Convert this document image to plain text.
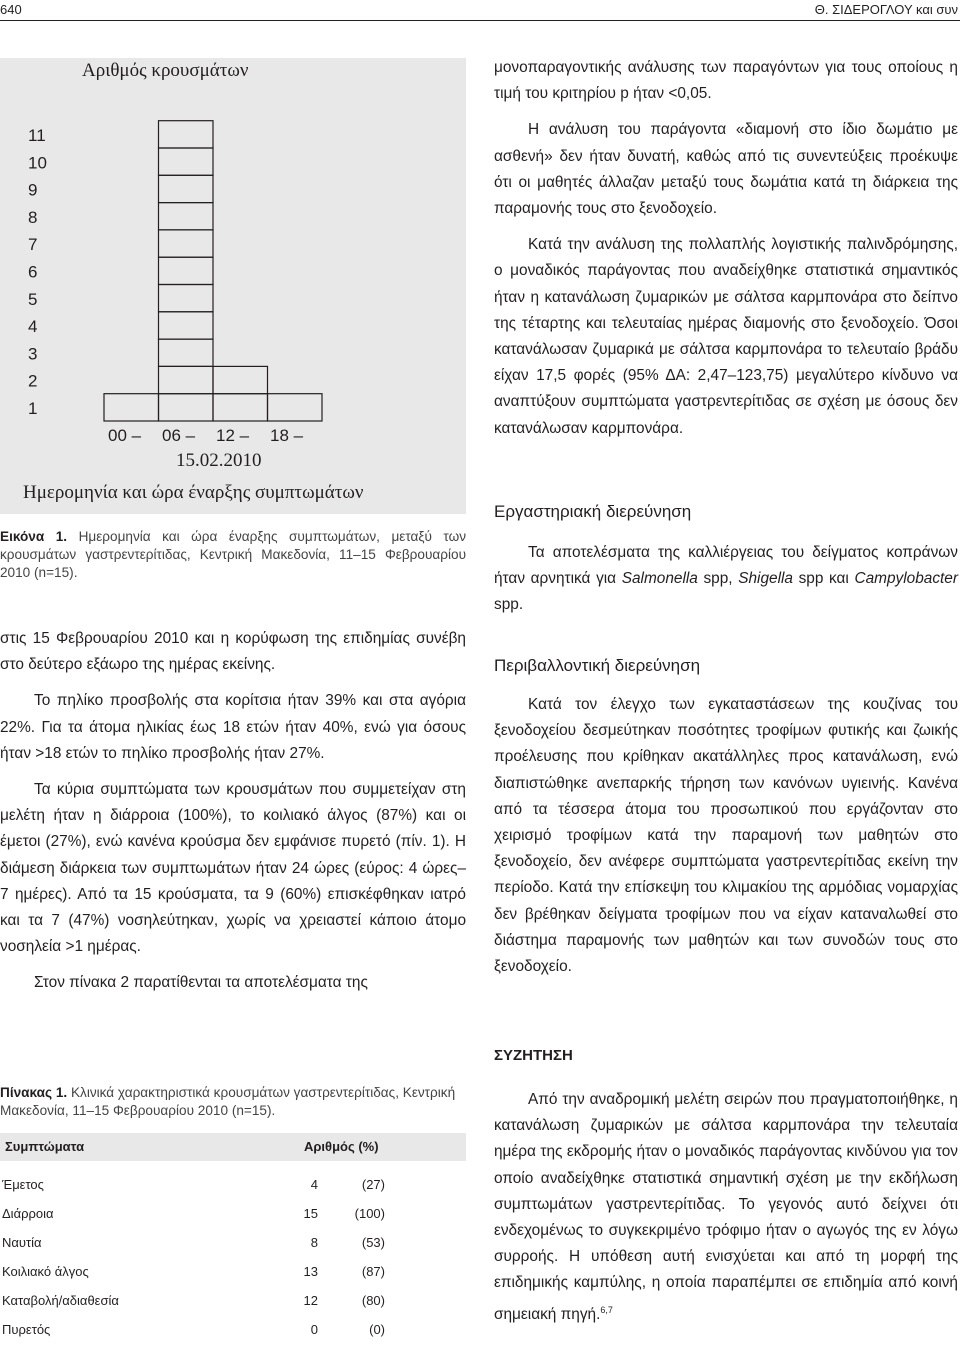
640	Θ. ΣΙΔΕΡΟΓΛΟΥ και συν
Αριθμός κρουσμάτων
1
2
3
4
5
6
7
8
9
10
11
00 – 06 – 12 – 18 –
15.02.2010
Ημερομηνία και ώρα έναρξης συμπτωμάτων
Εικόνα 1. Ημερομηνία και ώρα έναρξης συμπτωμάτων, μεταξύ των κρουσμάτων γαστρεντερίτιδας, Κεντρική Μακεδονία, 11–15 Φεβρουαρίου 2010 (n=15).

στις 15 Φεβρουαρίου 2010 και η κορύφωση της επιδημίας συνέβη στο δεύτερο εξάωρο της ημέρας εκείνης.

Το πηλίκο προσβολής στα κορίτσια ήταν 39% και στα αγόρια 22%. Για τα άτομα ηλικίας έως 18 ετών ήταν 40%, ενώ για όσους ήταν >18 ετών το πηλίκο προσβολής ήταν 27%.

Τα κύρια συμπτώματα των κρουσμάτων που συμμετείχαν στη μελέτη ήταν η διάρροια (100%), το κοιλιακό άλγος (87%) και οι έμετοι (27%), ενώ κανένα κρούσμα δεν εμφάνισε πυρετό (πίν. 1). Η διάμεση διάρκεια των συμπτωμάτων ήταν 24 ώρες (εύρος: 4 ώρες–7 ημέρες). Από τα 15 κρούσματα, τα 9 (60%) επισκέφθηκαν ιατρό και τα 7 (47%) νοσηλεύτηκαν, χωρίς να χρειαστεί κάποιο άτομο νοσηλεία >1 ημέρας.

Στον πίνακα 2 παρατίθενται τα αποτελέσματα της

Πίνακας 1. Κλινικά χαρακτηριστικά κρουσμάτων γαστρεντερίτιδας, Κεντρική Μακεδονία, 11–15 Φεβρουαρίου 2010 (n=15).
Συμπτώματα	Αριθμός (%)
Έμετος	4	(27)
Διάρροια	15	(100)
Ναυτία	8	(53)
Κοιλιακό άλγος	13	(87)
Καταβολή/αδιαθεσία	12	(80)
Πυρετός	0	(0)

μονοπαραγοντικής ανάλυσης των παραγόντων για τους οποίους η τιμή του κριτηρίου p ήταν <0,05.

Η ανάλυση του παράγοντα «διαμονή στο ίδιο δωμάτιο με ασθενή» δεν ήταν δυνατή, καθώς από τις συνεντεύξεις προέκυψε ότι οι μαθητές άλλαζαν μεταξύ τους δωμάτια κατά τη διάρκεια της παραμονής τους στο ξενοδοχείο.

Κατά την ανάλυση της πολλαπλής λογιστικής παλινδρόμησης, ο μοναδικός παράγοντας που αναδείχθηκε στατιστικά σημαντικός ήταν η κατανάλωση ζυμαρικών με σάλτσα καρμπονάρα στο δείπνο της τέταρτης και τελευταίας ημέρας διαμονής στο ξενοδοχείο. Όσοι κατανάλωσαν ζυμαρικά με σάλτσα καρμπονάρα το τελευταίο βράδυ είχαν 17,5 φορές (95% ΔΑ: 2,47–123,75) μεγαλύτερο κίνδυνο να αναπτύξουν συμπτώματα γαστρεντερίτιδας σε σχέση με όσους δεν κατανάλωσαν καρμπονάρα.

Εργαστηριακή διερεύνηση

Τα αποτελέσματα της καλλιέργειας του δείγματος κοπράνων ήταν αρνητικά για Salmonella spp, Shigella spp και Campylobacter spp.

Περιβαλλοντική διερεύνηση

Κατά τον έλεγχο των εγκαταστάσεων της κουζίνας του ξενοδοχείου δεσμεύτηκαν ποσότητες τροφίμων φυτικής και ζωικής προέλευσης που κρίθηκαν ακατάλληλες προς κατανάλωση, ενώ διαπιστώθηκε ανεπαρκής τήρηση των κανόνων υγιεινής. Κανένα από τα τέσσερα άτομα του προσωπικού που εργάζονταν στο χειρισμό τροφίμων κατά την παραμονή των μαθητών στο ξενοδοχείο, δεν ανέφερε συμπτώματα γαστρεντερίτιδας εκείνη την περίοδο. Κατά την επίσκεψη του κλιμακίου της αρμόδιας νομαρχίας δεν βρέθηκαν δείγματα τροφίμων που να είχαν καταναλωθεί στο διάστημα παραμονής των μαθητών και των συνοδών τους στο ξενοδοχείο.

ΣΥΖΗΤΗΣΗ

Από την αναδρομική μελέτη σειρών που πραγματοποιήθηκε, η κατανάλωση ζυμαρικών με σάλτσα καρμπονάρα την τελευταία ημέρα της εκδρομής ήταν ο μοναδικός παράγοντας κινδύνου για τον οποίο αναδείχθηκε στατιστικά σημαντική σχέση με την εκδήλωση συμπτωμάτων γαστρεντερίτιδας. Το γεγονός αυτό δείχνει ότι ενδεχομένως το συγκεκριμένο τρόφιμο ήταν ο αγωγός της εν λόγω συρροής. Η υπόθεση αυτή ενισχύεται και από τη μορφή της επιδημικής καμπύλης, η οποία παραπέμπει σε επιδημία από κοινή σημειακή πηγή.$^{6,7}$
